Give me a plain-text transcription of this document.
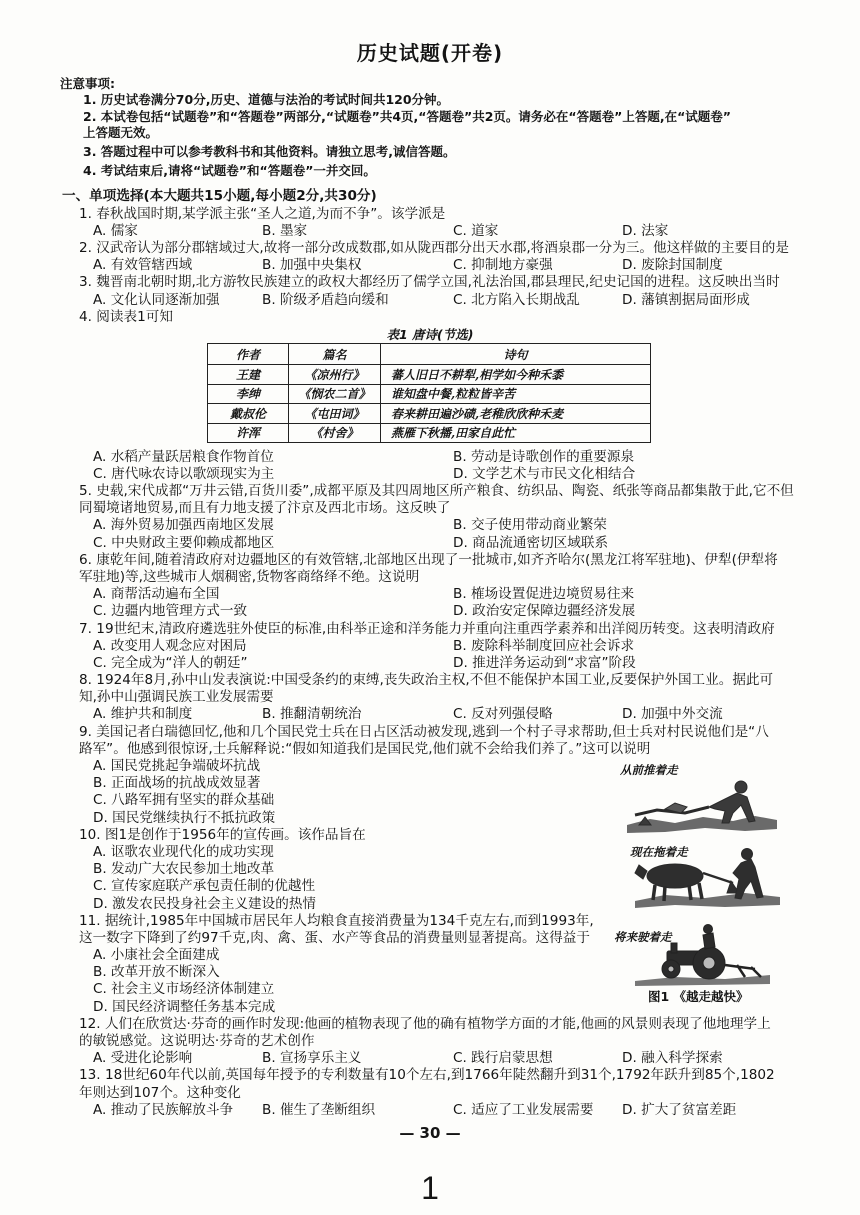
历史试题(开卷)
注意事项:
1. 历史试卷满分70分,历史、道德与法治的考试时间共120分钟。
2. 本试卷包括“试题卷”和“答题卷”两部分,“试题卷”共4页,“答题卷”共2页。请务必在“答题卷”上答题,在“试题卷”
上答题无效。
3. 答题过程中可以参考教科书和其他资料。请独立思考,诚信答题。
4. 考试结束后,请将“试题卷”和“答题卷”一并交回。
一、单项选择(本大题共15小题,每小题2分,共30分)
1. 春秋战国时期,某学派主张“圣人之道,为而不争”。该学派是
A. 儒家	B. 墨家	C. 道家	D. 法家
2. 汉武帝认为部分郡辖域过大,故将一部分改成数郡,如从陇西郡分出天水郡,将酒泉郡一分为三。他这样做的主要目的是
A. 有效管辖西域	B. 加强中央集权	C. 抑制地方豪强	D. 废除封国制度
3. 魏晋南北朝时期,北方游牧民族建立的政权大都经历了儒学立国,礼法治国,郡县理民,纪史记国的进程。这反映出当时
A. 文化认同逐渐加强	B. 阶级矛盾趋向缓和	C. 北方陷入长期战乱	D. 藩镇割据局面形成
4. 阅读表1可知
表1 唐诗(节选)
作者	篇名	诗句
王建	《凉州行》	蕃人旧日不耕犁,相学如今种禾黍
李绅	《悯农二首》	谁知盘中餐,粒粒皆辛苦
戴叔伦	《屯田词》	春来耕田遍沙碛,老稚欣欣种禾麦
许浑	《村舍》	燕雁下秋播,田家自此忙
A. 水稻产量跃居粮食作物首位	B. 劳动是诗歌创作的重要源泉
C. 唐代咏农诗以歌颂现实为主	D. 文学艺术与市民文化相结合
5. 史载,宋代成都“万井云错,百货川委”,成都平原及其四周地区所产粮食、纺织品、陶瓷、纸张等商品都集散于此,它不但
同蜀境诸地贸易,而且有力地支援了汴京及西北市场。这反映了
A. 海外贸易加强西南地区发展	B. 交子使用带动商业繁荣
C. 中央财政主要仰赖成都地区	D. 商品流通密切区域联系
6. 康乾年间,随着清政府对边疆地区的有效管辖,北部地区出现了一批城市,如齐齐哈尔(黑龙江将军驻地)、伊犁(伊犁将
军驻地)等,这些城市人烟稠密,货物客商络绎不绝。这说明
A. 商帮活动遍布全国	B. 榷场设置促进边境贸易往来
C. 边疆内地管理方式一致	D. 政治安定保障边疆经济发展
7. 19世纪末,清政府遴选驻外使臣的标准,由科举正途和洋务能力并重向注重西学素养和出洋阅历转变。这表明清政府
A. 改变用人观念应对困局	B. 废除科举制度回应社会诉求
C. 完全成为“洋人的朝廷”	D. 推进洋务运动到“求富”阶段
8. 1924年8月,孙中山发表演说:中国受条约的束缚,丧失政治主权,不但不能保护本国工业,反要保护外国工业。据此可
知,孙中山强调民族工业发展需要
A. 维护共和制度	B. 推翻清朝统治	C. 反对列强侵略	D. 加强中外交流
9. 美国记者白瑞德回忆,他和几个国民党士兵在日占区活动被发现,逃到一个村子寻求帮助,但士兵对村民说他们是“八
路军”。他感到很惊讶,士兵解释说:“假如知道我们是国民党,他们就不会给我们养了。”这可以说明
A. 国民党挑起争端破坏抗战
B. 正面战场的抗战成效显著
C. 八路军拥有坚实的群众基础
D. 国民党继续执行不抵抗政策
10. 图1是创作于1956年的宣传画。该作品旨在
A. 讴歌农业现代化的成功实现
B. 发动广大农民参加土地改革
C. 宣传家庭联产承包责任制的优越性
D. 激发农民投身社会主义建设的热情
11. 据统计,1985年中国城市居民年人均粮食直接消费量为134千克左右,而到1993年,
这一数字下降到了约97千克,肉、禽、蛋、水产等食品的消费量则显著提高。这得益于
A. 小康社会全面建成
B. 改革开放不断深入
C. 社会主义市场经济体制建立
D. 国民经济调整任务基本完成
12. 人们在欣赏达·芬奇的画作时发现:他画的植物表现了他的确有植物学方面的才能,他画的风景则表现了他地理学上
的敏锐感觉。这说明达·芬奇的艺术创作
A. 受进化论影响	B. 宣扬享乐主义	C. 践行启蒙思想	D. 融入科学探索
13. 18世纪60年代以前,英国每年授予的专利数量有10个左右,到1766年陡然翻升到31个,1792年跃升到85个,1802
年则达到107个。这种变化
A. 推动了民族解放斗争	B. 催生了垄断组织	C. 适应了工业发展需要	D. 扩大了贫富差距
从前推着走
现在拖着走
将来驶着走
图1 《越走越快》
— 30 —
1
